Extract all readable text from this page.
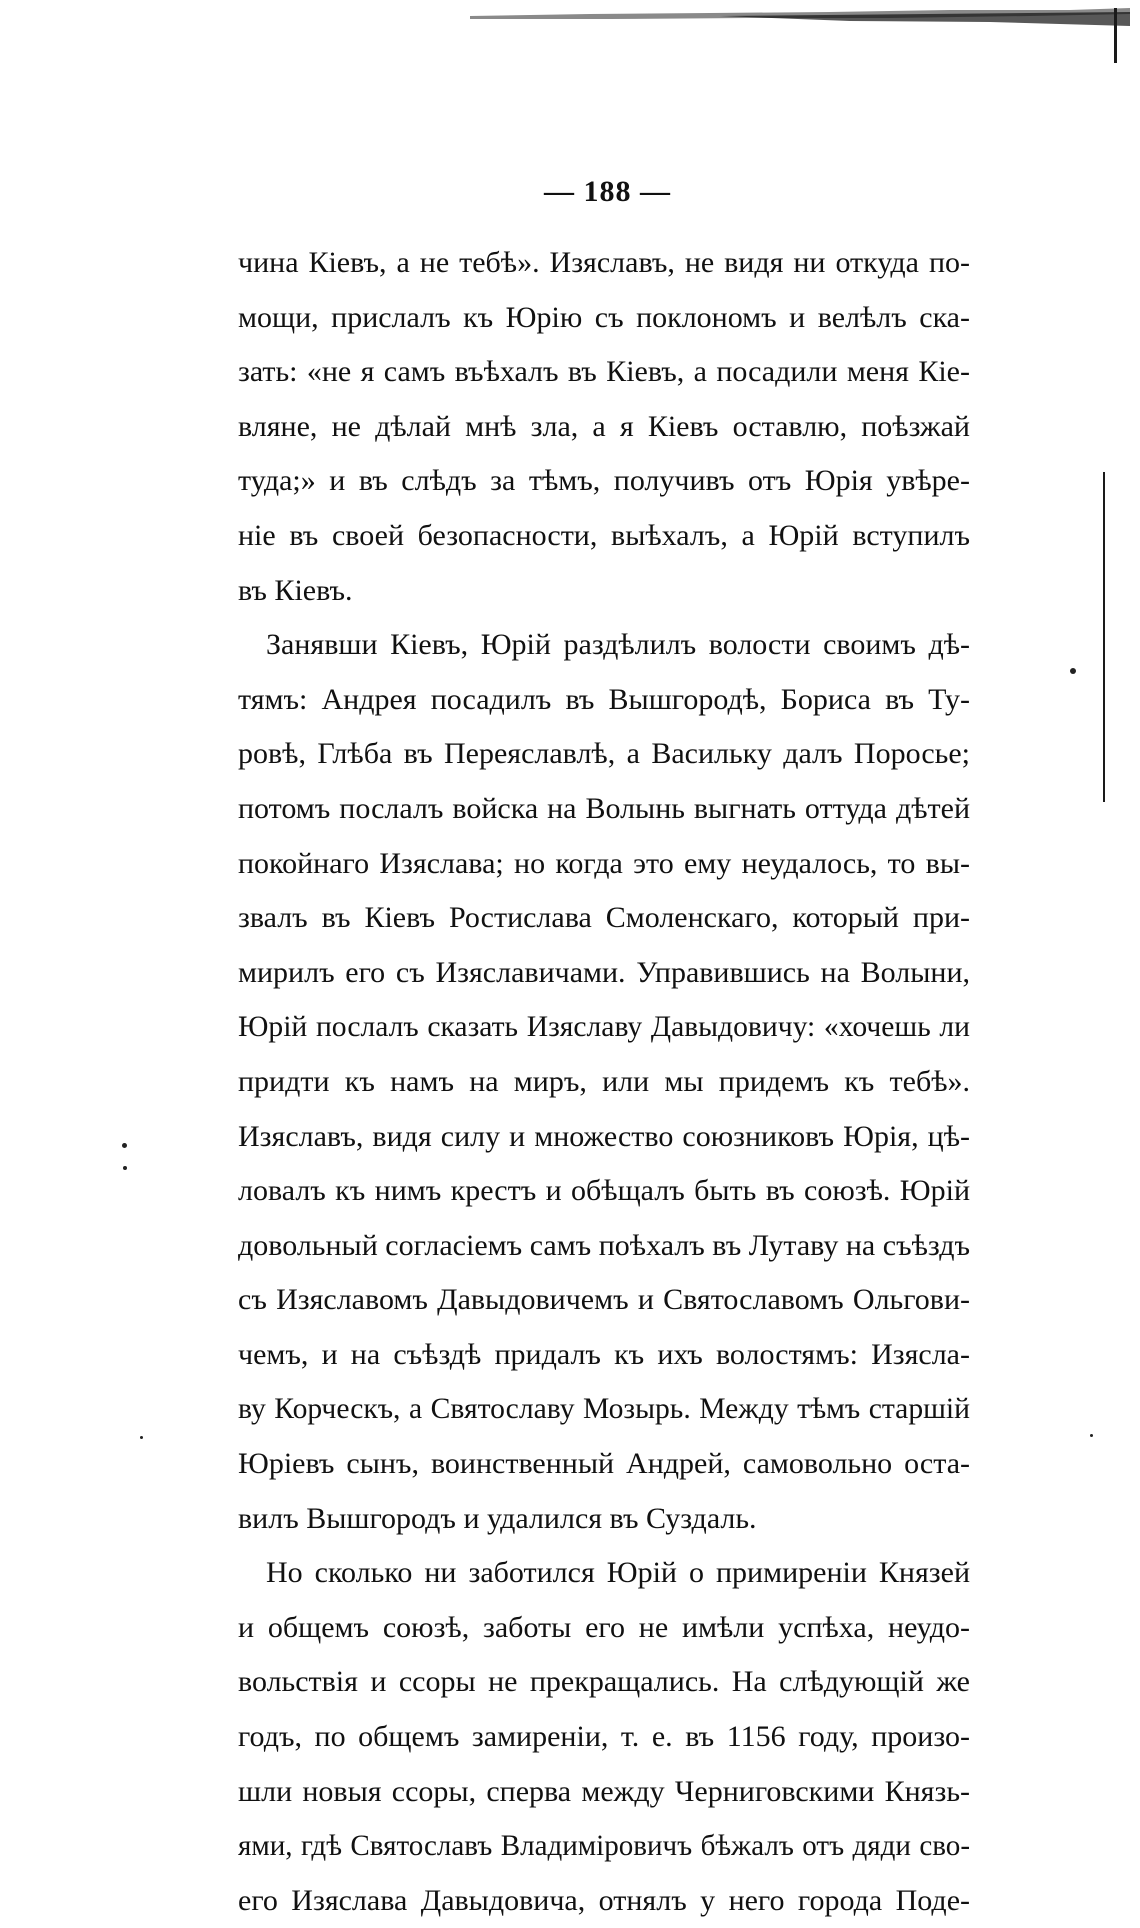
— 188 —
чина Кіевъ, а не тебѣ». Изяславъ, не видя ни откуда по-
мощи, прислалъ къ Юрію съ поклономъ и велѣлъ ска-
зать: «не я самъ въѣхалъ въ Кіевъ, а посадили меня Кіе-
вляне, не дѣлай мнѣ зла, а я Кіевъ оставлю, поѣзжай
туда;» и въ слѣдъ за тѣмъ, получивъ отъ Юрія увѣре-
ніе въ своей безопасности, выѣхалъ, а Юрій вступилъ
въ Кіевъ.
Занявши Кіевъ, Юрій раздѣлилъ волости своимъ дѣ-
тямъ: Андрея посадилъ въ Вышгородѣ, Бориса въ Ту-
ровѣ, Глѣба въ Переяславлѣ, а Васильку далъ Поросье;
потомъ послалъ войска на Волынь выгнать оттуда дѣтей
покойнаго Изяслава; но когда это ему неудалось, то вы-
звалъ въ Кіевъ Ростислава Смоленскаго, который при-
мирилъ его съ Изяславичами. Управившись на Волыни,
Юрій послалъ сказать Изяславу Давыдовичу: «хочешь ли
придти къ намъ на миръ, или мы придемъ къ тебѣ».
Изяславъ, видя силу и множество союзниковъ Юрія, цѣ-
ловалъ къ нимъ крестъ и обѣщалъ быть въ союзѣ. Юрій
довольный согласіемъ самъ поѣхалъ въ Лутаву на съѣздъ
съ Изяславомъ Давыдовичемъ и Святославомъ Ольгови-
чемъ, и на съѣздѣ придалъ къ ихъ волостямъ: Изясла-
ву Корческъ, а Святославу Мозырь. Между тѣмъ старшій
Юріевъ сынъ, воинственный Андрей, самовольно оста-
вилъ Вышгородъ и удалился въ Суздаль.
Но сколько ни заботился Юрій о примиреніи Князей
и общемъ союзѣ, заботы его не имѣли успѣха, неудо-
вольствія и ссоры не прекращались. На слѣдующій же
годъ, по общемъ замиреніи, т. е. въ 1156 году, произо-
шли новыя ссоры, сперва между Черниговскими Князь-
ями, гдѣ Святославъ Владиміровичъ бѣжалъ отъ дяди сво-
его Изяслава Давыдовича, отнялъ у него города Поде-
